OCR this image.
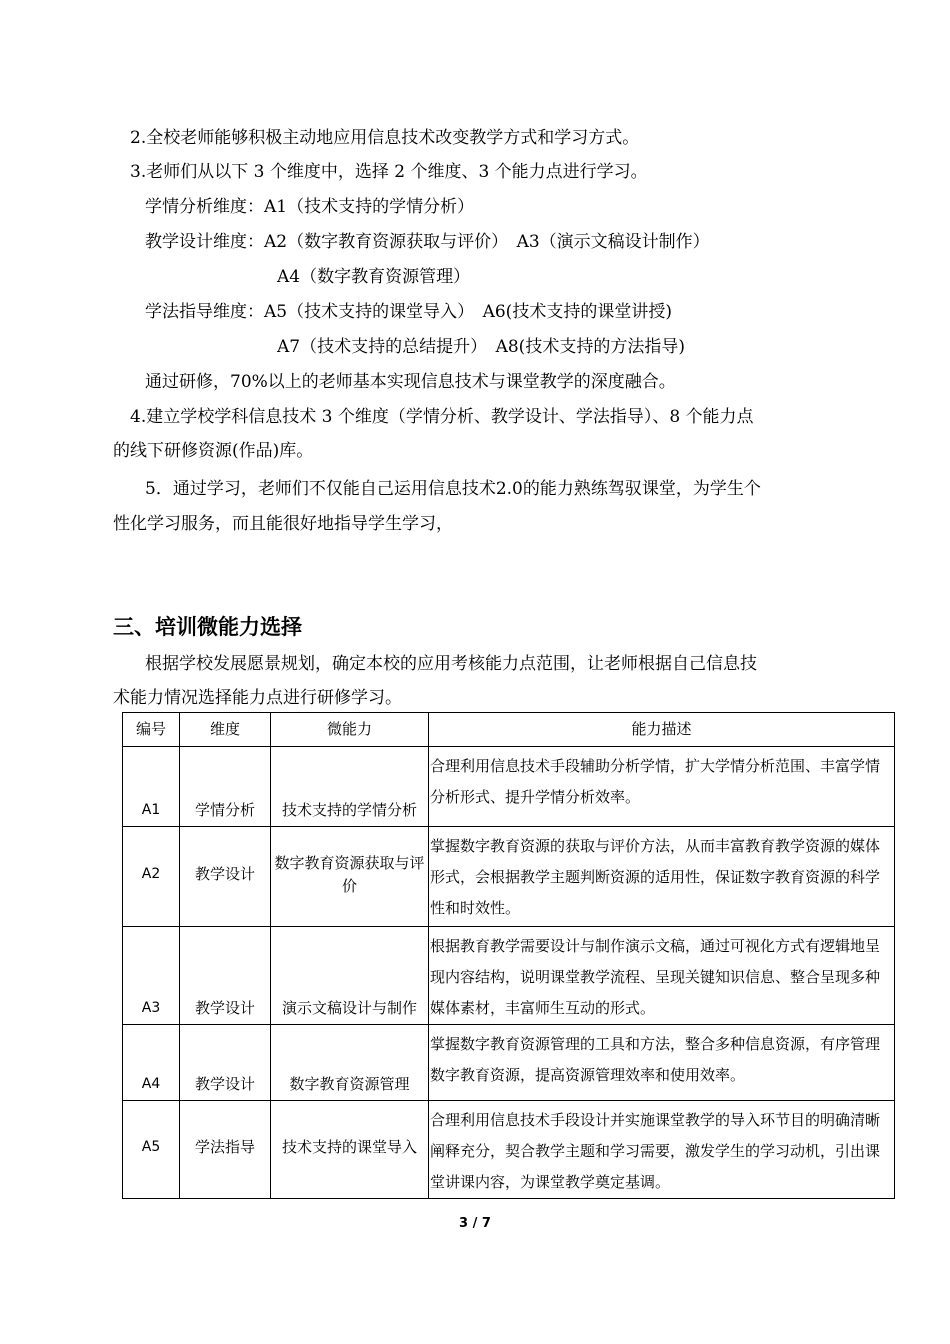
2.全校老师能够积极主动地应用信息技术改变教学方式和学习方式。
3.老师们从以下 3 个维度中，选择 2 个维度、3 个能力点进行学习。
学情分析维度：A1（技术支持的学情分析）
教学设计维度：A2（数字教育资源获取与评价）　A3（演示文稿设计制作）
A4（数字教育资源管理）
学法指导维度：A5（技术支持的课堂导入）　A6(技术支持的课堂讲授)
A7（技术支持的总结提升）　A8(技术支持的方法指导)
通过研修，70%以上的老师基本实现信息技术与课堂教学的深度融合。
4.建立学校学科信息技术 3 个维度（学情分析、教学设计、学法指导）、8 个能力点
的线下研修资源(作品)库。
5．通过学习，老师们不仅能自己运用信息技术2.0的能力熟练驾驭课堂，为学生个
性化学习服务，而且能很好地指导学生学习，
三、培训微能力选择
根据学校发展愿景规划，确定本校的应用考核能力点范围，让老师根据自己信息技
术能力情况选择能力点进行研修学习。
编号	维度	微能力	能力描述
A1	学情分析	技术支持的学情分析	合理利用信息技术手段辅助分析学情，扩大学情分析范围、丰富学情分析形式、提升学情分析效率。
A2	教学设计	数字教育资源获取与评价	掌握数字教育资源的获取与评价方法，从而丰富教育教学资源的媒体形式，会根据教学主题判断资源的适用性，保证数字教育资源的科学性和时效性。
A3	教学设计	演示文稿设计与制作	根据教育教学需要设计与制作演示文稿，通过可视化方式有逻辑地呈现内容结构，说明课堂教学流程、呈现关键知识信息、整合呈现多种媒体素材，丰富师生互动的形式。
A4	教学设计	数字教育资源管理	掌握数字教育资源管理的工具和方法，整合多种信息资源，有序管理数字教育资源，提高资源管理效率和使用效率。
A5	学法指导	技术支持的课堂导入	合理利用信息技术手段设计并实施课堂教学的导入环节目的明确清晰阐释充分，契合教学主题和学习需要，激发学生的学习动机，引出课堂讲课内容，为课堂教学奠定基调。
3 / 7
